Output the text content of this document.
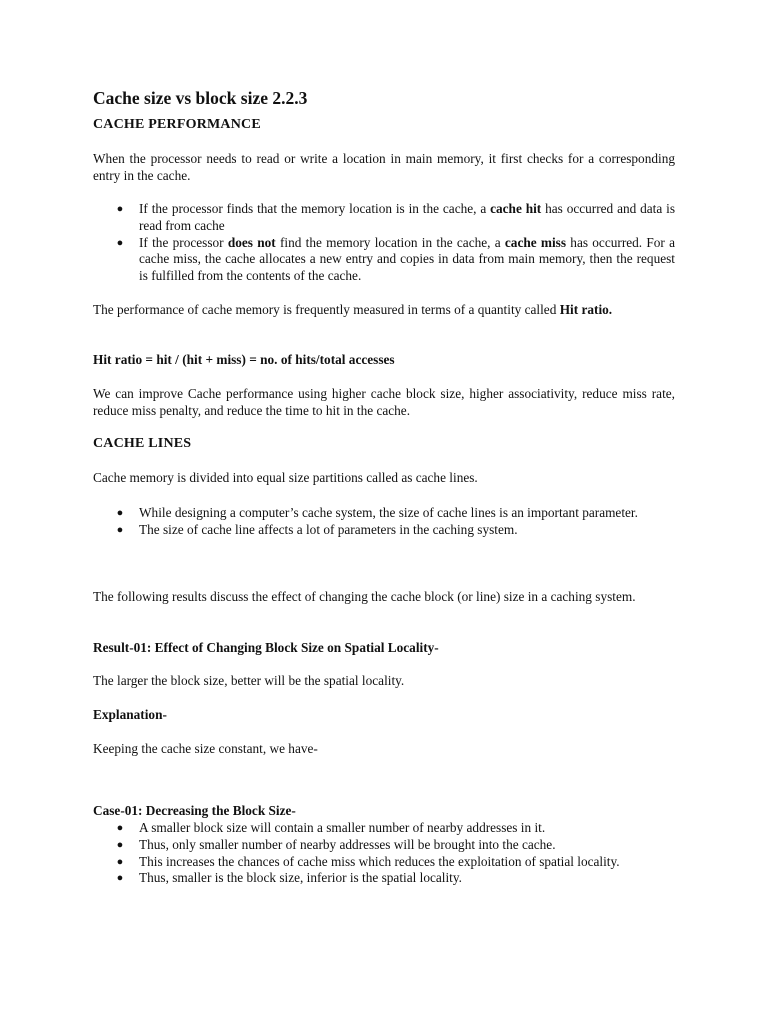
Cache size vs block size 2.2.3
CACHE PERFORMANCE

When the processor needs to read or write a location in main memory, it first checks for a corresponding entry in the cache.

● If the processor finds that the memory location is in the cache, a cache hit has occurred and data is read from cache
● If the processor does not find the memory location in the cache, a cache miss has occurred. For a cache miss, the cache allocates a new entry and copies in data from main memory, then the request is fulfilled from the contents of the cache.

The performance of cache memory is frequently measured in terms of a quantity called Hit ratio.

Hit ratio = hit / (hit + miss) = no. of hits/total accesses

We can improve Cache performance using higher cache block size, higher associativity, reduce miss rate, reduce miss penalty, and reduce the time to hit in the cache.

CACHE LINES

Cache memory is divided into equal size partitions called as cache lines.

● While designing a computer’s cache system, the size of cache lines is an important parameter.
● The size of cache line affects a lot of parameters in the caching system.

The following results discuss the effect of changing the cache block (or line) size in a caching system.

Result-01: Effect of Changing Block Size on Spatial Locality-

The larger the block size, better will be the spatial locality.

Explanation-

Keeping the cache size constant, we have-

Case-01: Decreasing the Block Size-

● A smaller block size will contain a smaller number of nearby addresses in it.
● Thus, only smaller number of nearby addresses will be brought into the cache.
● This increases the chances of cache miss which reduces the exploitation of spatial locality.
● Thus, smaller is the block size, inferior is the spatial locality.
